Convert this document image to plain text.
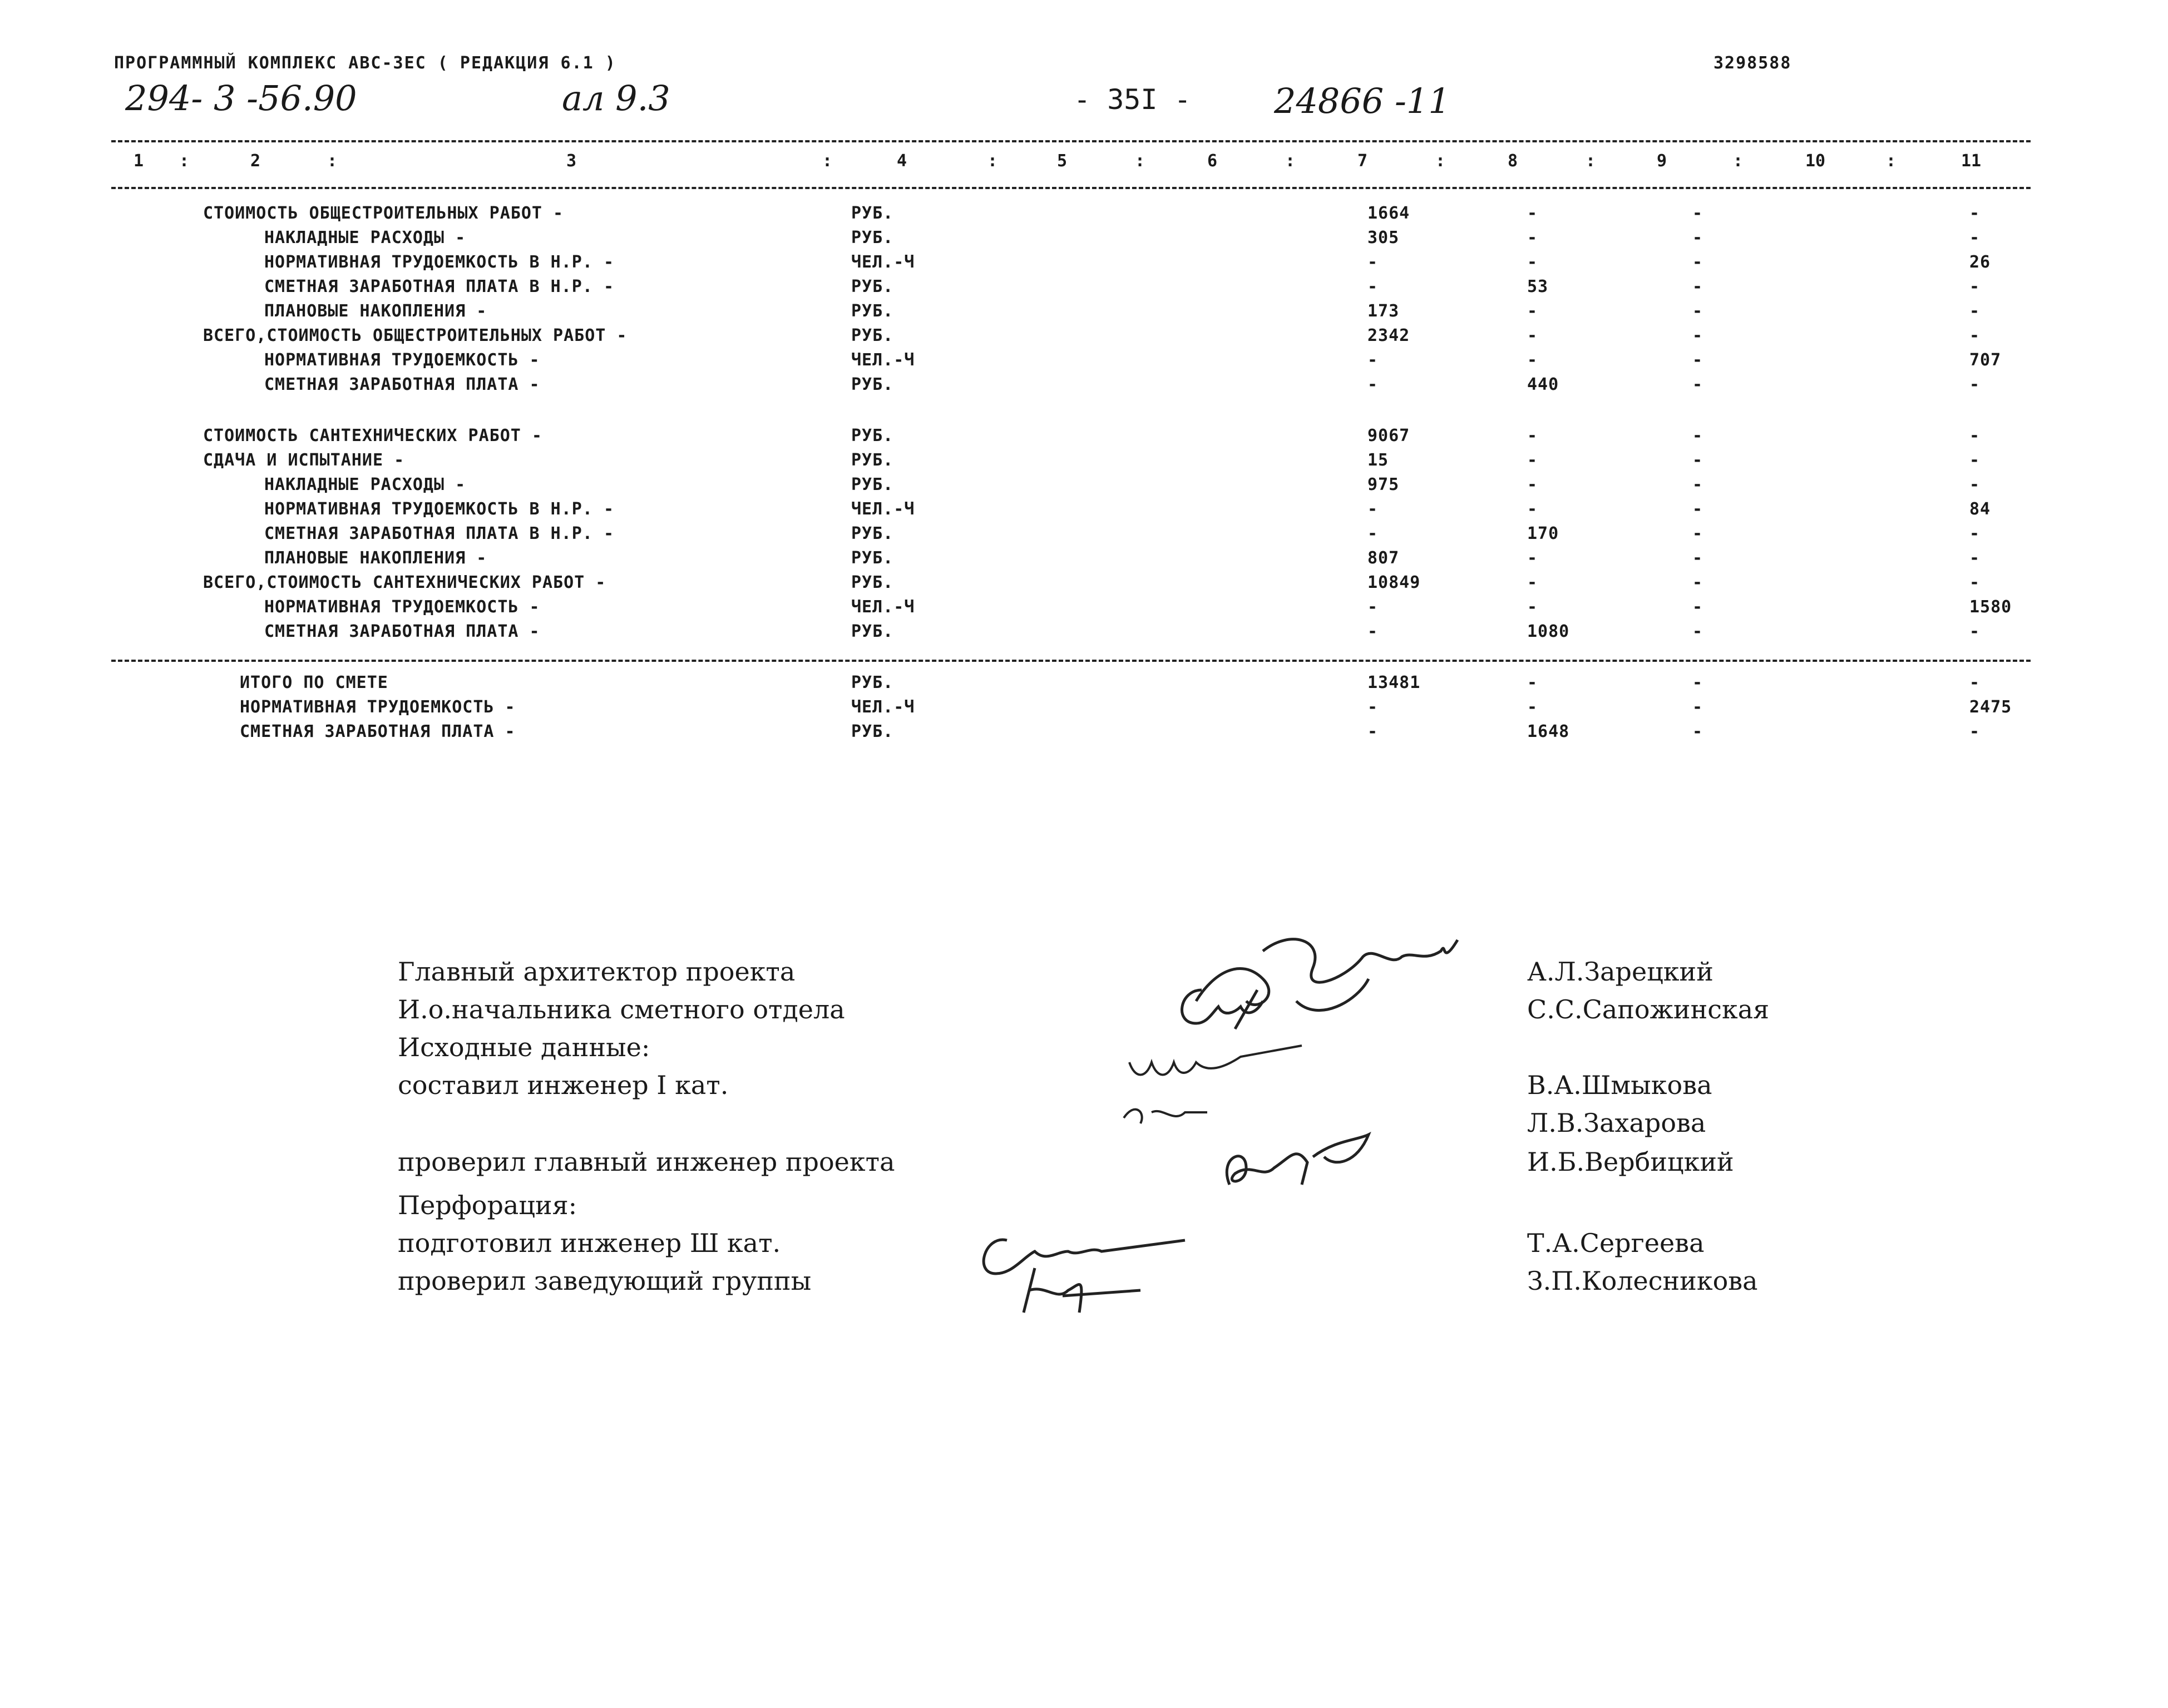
ПРОГРАММНЫЙ КОМПЛЕКС АВС-3ЕС ( РЕДАКЦИЯ 6.1 )	3298588
294- 3 -56.90	ал 9.3	- 35I - 24866 -11
1	2	3	4	5	6	7	8	9	10	11
:	:	:	:	:	:	:	:	:	:
СТОИМОСТЬ ОБЩЕСТРОИТЕЛЬНЫХ РАБОТ -	РУБ.	1664	-	-	-
НАКЛАДНЫЕ РАСХОДЫ -	РУБ.	305	-	-	-
НОРМАТИВНАЯ ТРУДОЕМКОСТЬ В Н.Р. -	ЧЕЛ.-Ч	-	-	-	26
СМЕТНАЯ ЗАРАБОТНАЯ ПЛАТА В Н.Р. -	РУБ.	-	53	-	-
ПЛАНОВЫЕ НАКОПЛЕНИЯ -	РУБ.	173	-	-	-
ВСЕГО,СТОИМОСТЬ ОБЩЕСТРОИТЕЛЬНЫХ РАБОТ -	РУБ.	2342	-	-	-
НОРМАТИВНАЯ ТРУДОЕМКОСТЬ -	ЧЕЛ.-Ч	-	-	-	707
СМЕТНАЯ ЗАРАБОТНАЯ ПЛАТА -	РУБ.	-	440	-	-
СТОИМОСТЬ САНТЕХНИЧЕСКИХ РАБОТ -	РУБ.	9067	-	-	-
СДАЧА И ИСПЫТАНИЕ -	РУБ.	15	-	-	-
НАКЛАДНЫЕ РАСХОДЫ -	РУБ.	975	-	-	-
НОРМАТИВНАЯ ТРУДОЕМКОСТЬ В Н.Р. -	ЧЕЛ.-Ч	-	-	-	84
СМЕТНАЯ ЗАРАБОТНАЯ ПЛАТА В Н.Р. -	РУБ.	-	170	-	-
ПЛАНОВЫЕ НАКОПЛЕНИЯ -	РУБ.	807	-	-	-
ВСЕГО,СТОИМОСТЬ САНТЕХНИЧЕСКИХ РАБОТ -	РУБ.	10849	-	-	-
НОРМАТИВНАЯ ТРУДОЕМКОСТЬ -	ЧЕЛ.-Ч	-	-	-	1580
СМЕТНАЯ ЗАРАБОТНАЯ ПЛАТА -	РУБ.	-	1080	-	-
ИТОГО ПО СМЕТЕ	РУБ.	13481	-	-	-
НОРМАТИВНАЯ ТРУДОЕМКОСТЬ -	ЧЕЛ.-Ч	-	-	-	2475
СМЕТНАЯ ЗАРАБОТНАЯ ПЛАТА -	РУБ.	-	1648	-	-
Главный архитектор проекта
И.о.начальника сметного отдела
Исходные данные:
составил инженер I кат.
проверил главный инженер проекта
Перфорация:
подготовил инженер Ш кат.
проверил заведующий группы
А.Л.Зарецкий
С.С.Сапожинская
В.А.Шмыкова
Л.В.Захарова
И.Б.Вербицкий
Т.А.Сергеева
З.П.Колесникова
